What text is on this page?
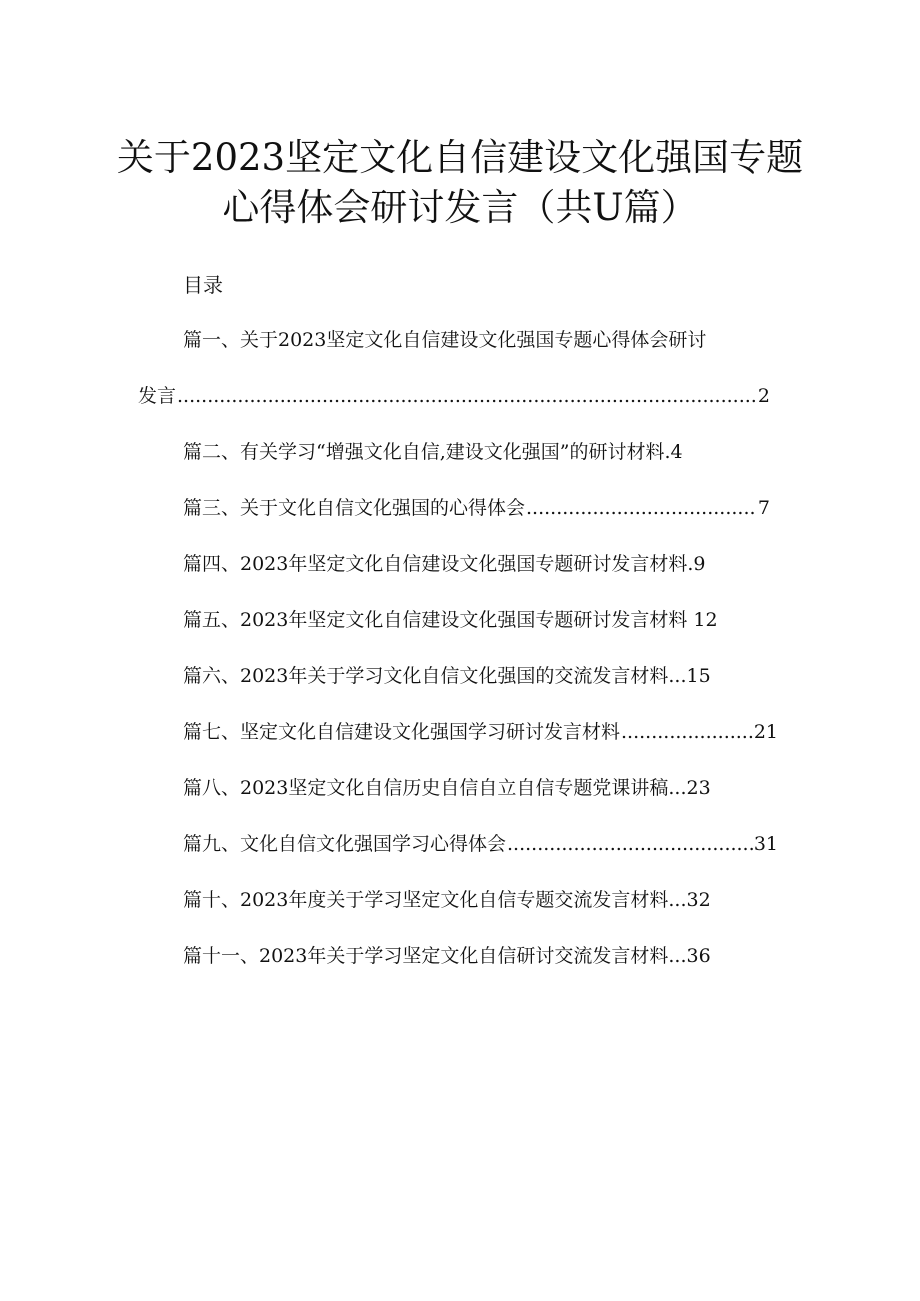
关于2023坚定文化自信建设文化强国专题
心得体会研讨发言（共U篇）
目录
篇一、关于2023坚定文化自信建设文化强国专题心得体会研讨
发言 .....	2
篇二、有关学习“增强文化自信,建设文化强国”的研讨材料.4
篇三、关于文化自信文化强国的心得体会 .....	7
篇四、2023年坚定文化自信建设文化强国专题研讨发言材料.9
篇五、2023年坚定文化自信建设文化强国专题研讨发言材料 12
篇六、2023年关于学习文化自信文化强国的交流发言材料...15
篇七、坚定文化自信建设文化强国学习研讨发言材料 .....	21
篇八、2023坚定文化自信历史自信自立自信专题党课讲稿...23
篇九、文化自信文化强国学习心得体会 .....	31
篇十、2023年度关于学习坚定文化自信专题交流发言材料...32
篇十一、2023年关于学习坚定文化自信研讨交流发言材料...36
